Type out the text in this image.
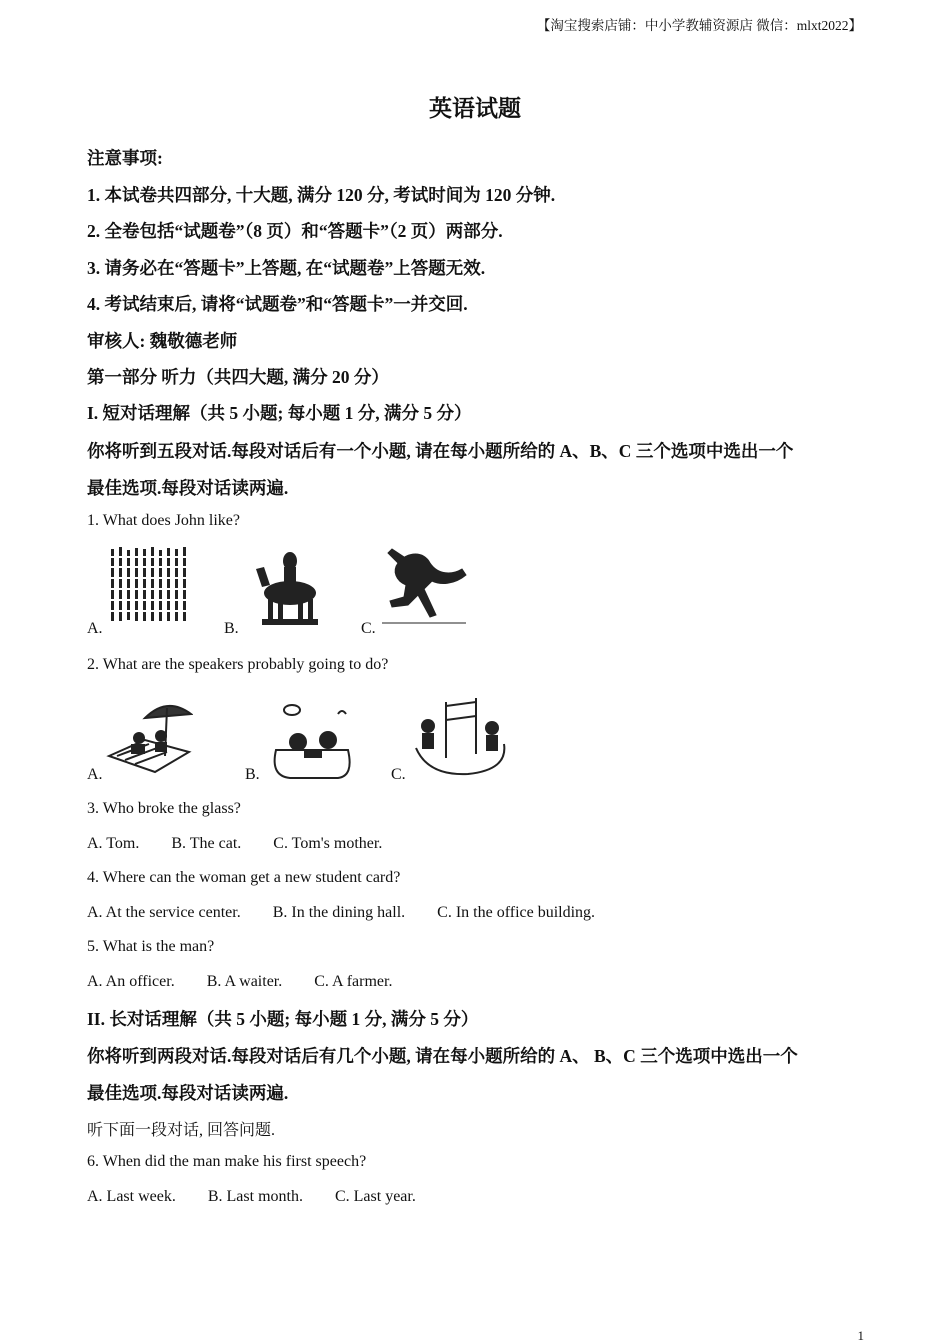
【淘宝搜索店铺：中小学教辅资源店 微信：mlxt2022】
英语试题
注意事项:
1. 本试卷共四部分, 十大题, 满分 120 分, 考试时间为 120 分钟.
2. 全卷包括“试题卷”（8 页）和“答题卡”（2 页）两部分.
3. 请务必在“答题卡”上答题, 在“试题卷”上答题无效.
4. 考试结束后, 请将“试题卷”和“答题卡”一并交回.
审核人: 魏敬德老师
第一部分 听力（共四大题, 满分 20 分）
I. 短对话理解（共 5 小题; 每小题 1 分, 满分 5 分）
你将听到五段对话.每段对话后有一个小题, 请在每小题所给的 A、B、C 三个选项中选出一个
最佳选项.每段对话读两遍.
1. What does John like?
A.	B.	C.
2. What are the speakers probably going to do?
A.	B.	C.
3. Who broke the glass?
A. Tom. B. The cat. C. Tom's mother.
4. Where can the woman get a new student card?
A. At the service center. B. In the dining hall. C. In the office building.
5. What is the man?
A. An officer. B. A waiter. C. A farmer.
II. 长对话理解（共 5 小题; 每小题 1 分, 满分 5 分）
你将听到两段对话.每段对话后有几个小题, 请在每小题所给的 A、 B、C 三个选项中选出一个
最佳选项.每段对话读两遍.
听下面一段对话, 回答问题.
6. When did the man make his first speech?
A. Last week. B. Last month. C. Last year.
1
